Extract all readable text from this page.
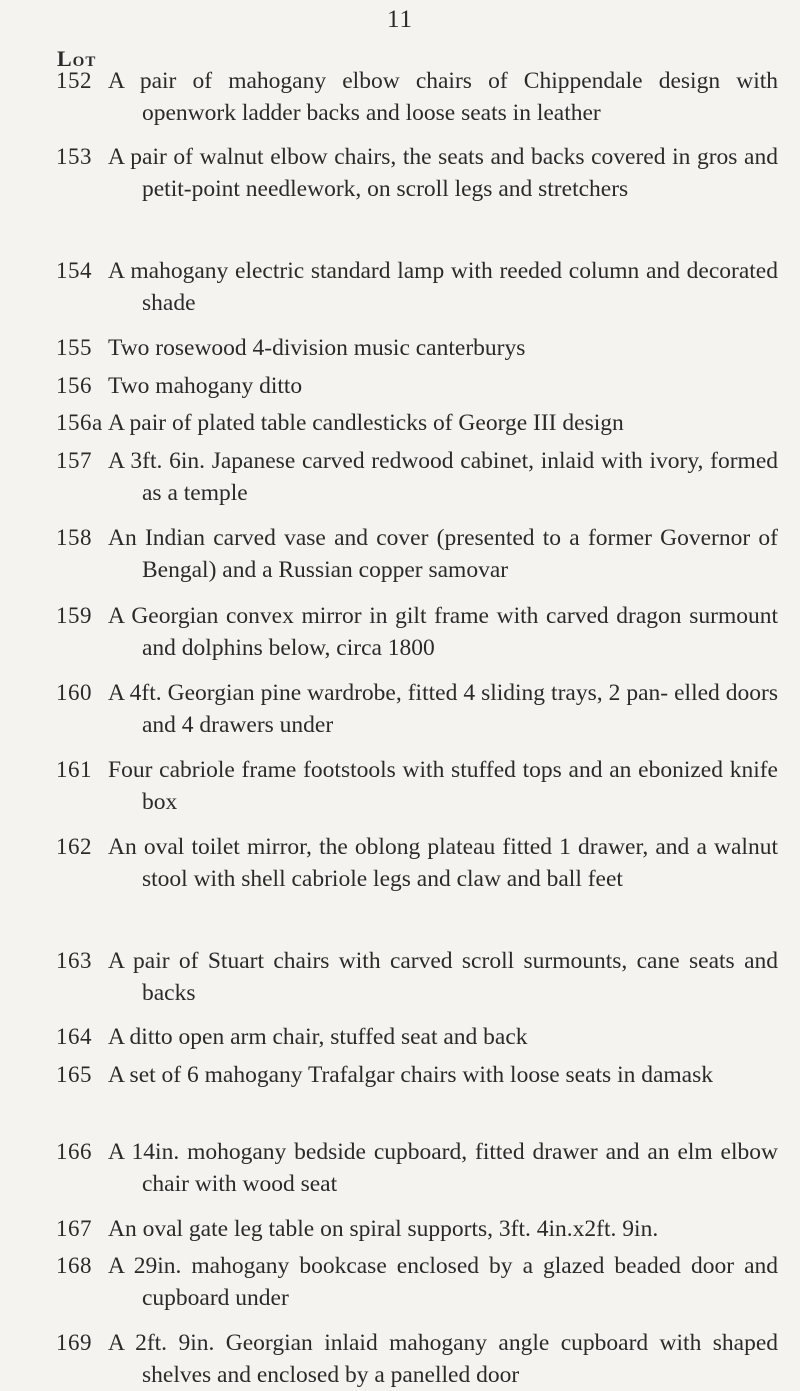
11
Lot
152 A pair of mahogany elbow chairs of Chippendale design with openwork ladder backs and loose seats in leather
153 A pair of walnut elbow chairs, the seats and backs covered in gros and petit-point needlework, on scroll legs and stretchers
154 A mahogany electric standard lamp with reeded column and decorated shade
155 Two rosewood 4-division music canterburys
156 Two mahogany ditto
156a A pair of plated table candlesticks of George III design
157 A 3ft. 6in. Japanese carved redwood cabinet, inlaid with ivory, formed as a temple
158 An Indian carved vase and cover (presented to a former Governor of Bengal) and a Russian copper samovar
159 A Georgian convex mirror in gilt frame with carved dragon surmount and dolphins below, circa 1800
160 A 4ft. Georgian pine wardrobe, fitted 4 sliding trays, 2 pan- elled doors and 4 drawers under
161 Four cabriole frame footstools with stuffed tops and an ebonized knife box
162 An oval toilet mirror, the oblong plateau fitted 1 drawer, and a walnut stool with shell cabriole legs and claw and ball feet
163 A pair of Stuart chairs with carved scroll surmounts, cane seats and backs
164 A ditto open arm chair, stuffed seat and back
165 A set of 6 mahogany Trafalgar chairs with loose seats in damask
166 A 14in. mohogany bedside cupboard, fitted drawer and an elm elbow chair with wood seat
167 An oval gate leg table on spiral supports, 3ft. 4in.x2ft. 9in.
168 A 29in. mahogany bookcase enclosed by a glazed beaded door and cupboard under
169 A 2ft. 9in. Georgian inlaid mahogany angle cupboard with shaped shelves and enclosed by a panelled door
